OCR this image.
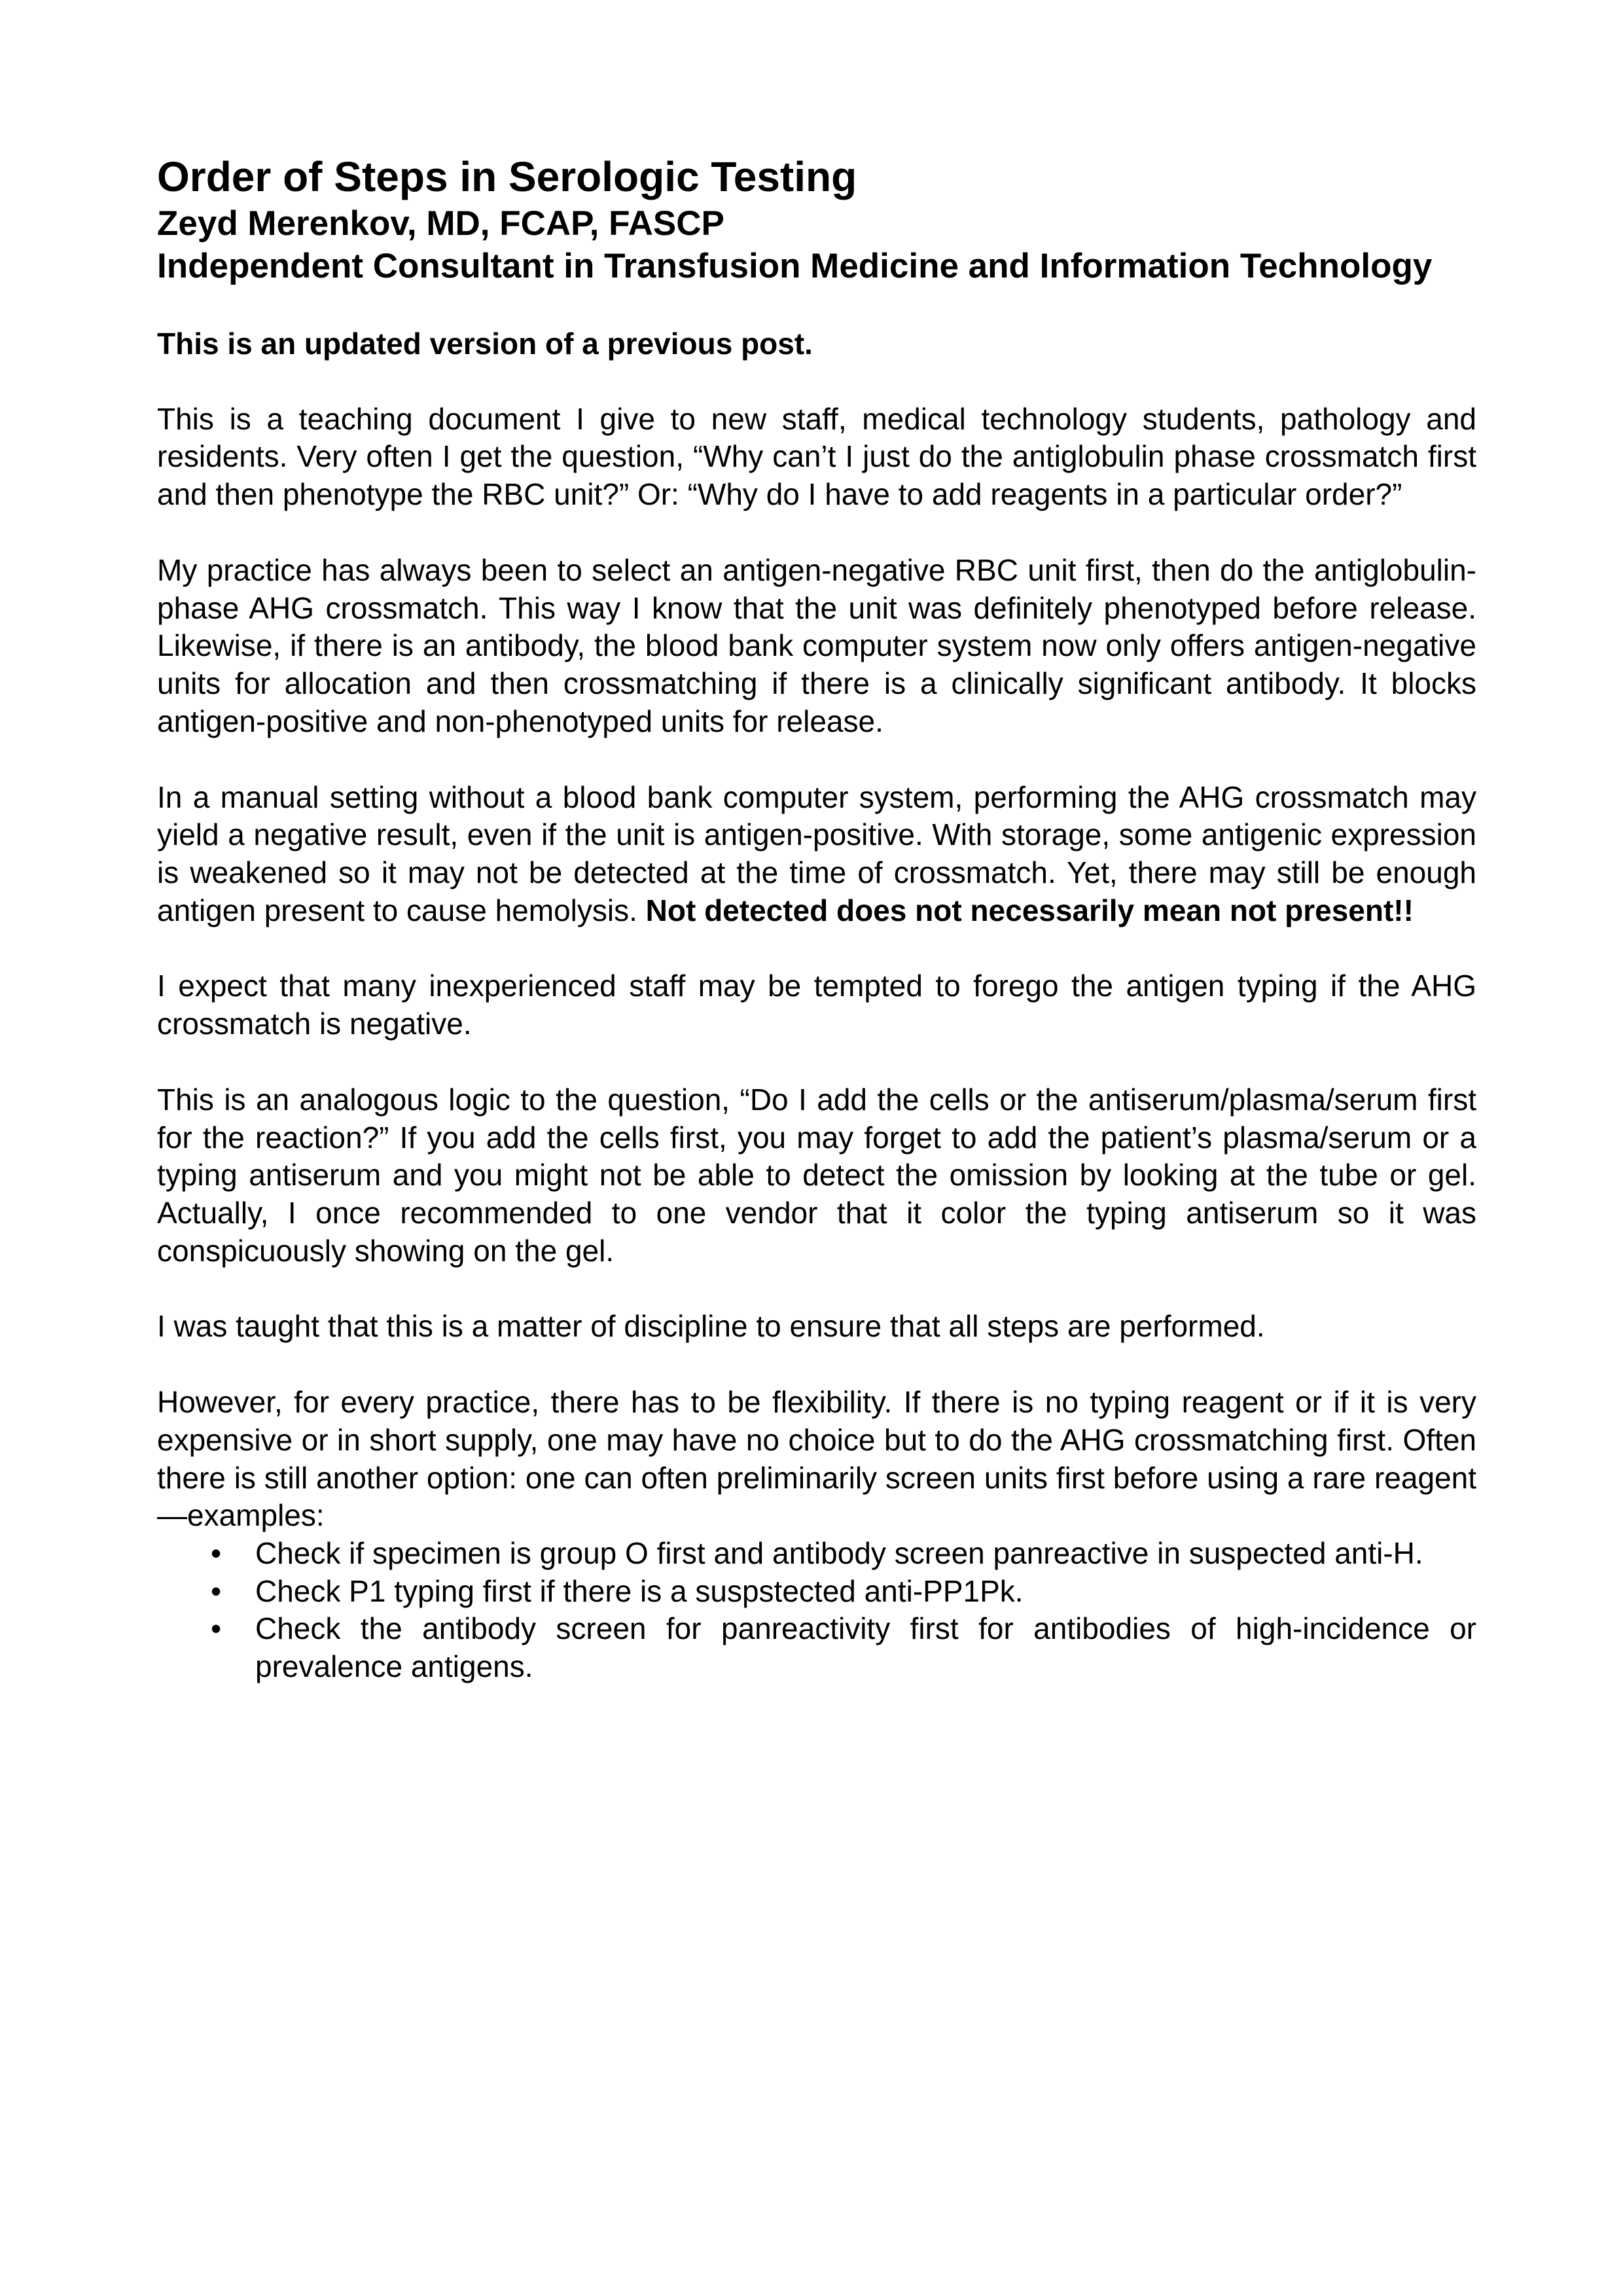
Order of Steps in Serologic Testing
Zeyd Merenkov, MD, FCAP, FASCP
Independent Consultant in Transfusion Medicine and Information Technology
This is an updated version of a previous post.

This is a teaching document I give to new staff, medical technology students, pathology and residents. Very often I get the question, “Why can’t I just do the antiglobulin phase crossmatch first and then phenotype the RBC unit?” Or: “Why do I have to add reagents in a particular order?”

My practice has always been to select an antigen-negative RBC unit first, then do the antiglobulin-phase AHG crossmatch. This way I know that the unit was definitely phenotyped before release. Likewise, if there is an antibody, the blood bank computer system now only offers antigen-negative units for allocation and then crossmatching if there is a clinically significant antibody. It blocks antigen-positive and non-phenotyped units for release.

In a manual setting without a blood bank computer system, performing the AHG crossmatch may yield a negative result, even if the unit is antigen-positive. With storage, some antigenic expression is weakened so it may not be detected at the time of crossmatch. Yet, there may still be enough antigen present to cause hemolysis. Not detected does not necessarily mean not present!!

I expect that many inexperienced staff may be tempted to forego the antigen typing if the AHG crossmatch is negative.

This is an analogous logic to the question, “Do I add the cells or the antiserum/plasma/serum first for the reaction?” If you add the cells first, you may forget to add the patient’s plasma/serum or a typing antiserum and you might not be able to detect the omission by looking at the tube or gel. Actually, I once recommended to one vendor that it color the typing antiserum so it was conspicuously showing on the gel.

I was taught that this is a matter of discipline to ensure that all steps are performed.

However, for every practice, there has to be flexibility. If there is no typing reagent or if it is very expensive or in short supply, one may have no choice but to do the AHG crossmatching first. Often there is still another option: one can often preliminarily screen units first before using a rare reagent—examples:

•	Check if specimen is group O first and antibody screen panreactive in suspected anti-H.
•	Check P1 typing first if there is a suspstected anti-PP1Pk.
•	Check the antibody screen for panreactivity first for antibodies of high-incidence or prevalence antigens.
